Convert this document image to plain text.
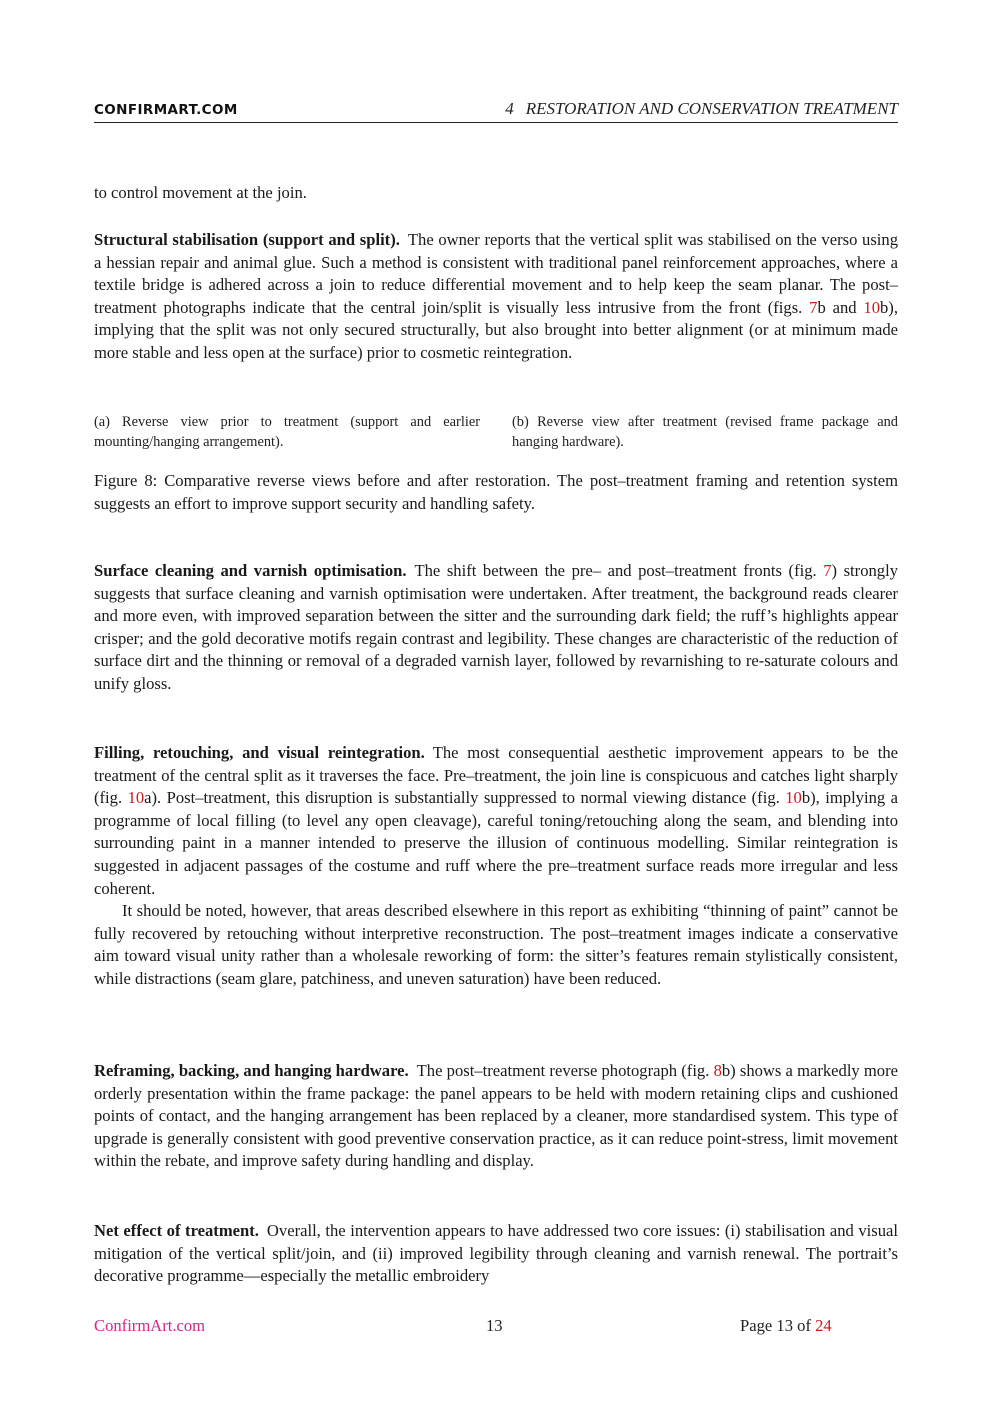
CONFIRMART.COM	4 RESTORATION AND CONSERVATION TREATMENT

to control movement at the join.

Structural stabilisation (support and split). The owner reports that the vertical split was stabilised on the verso using a hessian repair and animal glue. Such a method is consistent with traditional panel reinforcement approaches, where a textile bridge is adhered across a join to reduce differential movement and to help keep the seam planar. The post–treatment photographs indicate that the central join/split is visually less intrusive from the front (figs. 7b and 10b), implying that the split was not only secured structurally, but also brought into better alignment (or at minimum made more stable and less open at the surface) prior to cosmetic reintegration.

(a) Reverse view prior to treatment (support and earlier mounting/hanging arrangement).
(b) Reverse view after treatment (revised frame package and hanging hardware).
Figure 8: Comparative reverse views before and after restoration. The post–treatment framing and retention system suggests an effort to improve support security and handling safety.

Surface cleaning and varnish optimisation. The shift between the pre– and post–treatment fronts (fig. 7) strongly suggests that surface cleaning and varnish optimisation were undertaken. After treatment, the background reads clearer and more even, with improved separation between the sitter and the surrounding dark field; the ruff’s highlights appear crisper; and the gold decorative motifs regain contrast and legibility. These changes are characteristic of the reduction of surface dirt and the thinning or removal of a degraded varnish layer, followed by revarnishing to re-saturate colours and unify gloss.

Filling, retouching, and visual reintegration. The most consequential aesthetic improvement appears to be the treatment of the central split as it traverses the face. Pre–treatment, the join line is conspicuous and catches light sharply (fig. 10a). Post–treatment, this disruption is substantially suppressed to normal viewing distance (fig. 10b), implying a programme of local filling (to level any open cleavage), careful toning/retouching along the seam, and blending into surrounding paint in a manner intended to preserve the illusion of continuous modelling. Similar reintegration is suggested in adjacent passages of the costume and ruff where the pre–treatment surface reads more irregular and less coherent.

It should be noted, however, that areas described elsewhere in this report as exhibiting “thinning of paint” cannot be fully recovered by retouching without interpretive reconstruction. The post–treatment images indicate a conservative aim toward visual unity rather than a wholesale reworking of form: the sitter’s features remain stylistically consistent, while distractions (seam glare, patchiness, and uneven saturation) have been reduced.

Reframing, backing, and hanging hardware. The post–treatment reverse photograph (fig. 8b) shows a markedly more orderly presentation within the frame package: the panel appears to be held with modern retaining clips and cushioned points of contact, and the hanging arrangement has been replaced by a cleaner, more standardised system. This type of upgrade is generally consistent with good preventive conservation practice, as it can reduce point-stress, limit movement within the rebate, and improve safety during handling and display.

Net effect of treatment. Overall, the intervention appears to have addressed two core issues: (i) stabilisation and visual mitigation of the vertical split/join, and (ii) improved legibility through cleaning and varnish renewal. The portrait’s decorative programme—especially the metallic embroidery

ConfirmArt.com	13	Page 13 of 24
